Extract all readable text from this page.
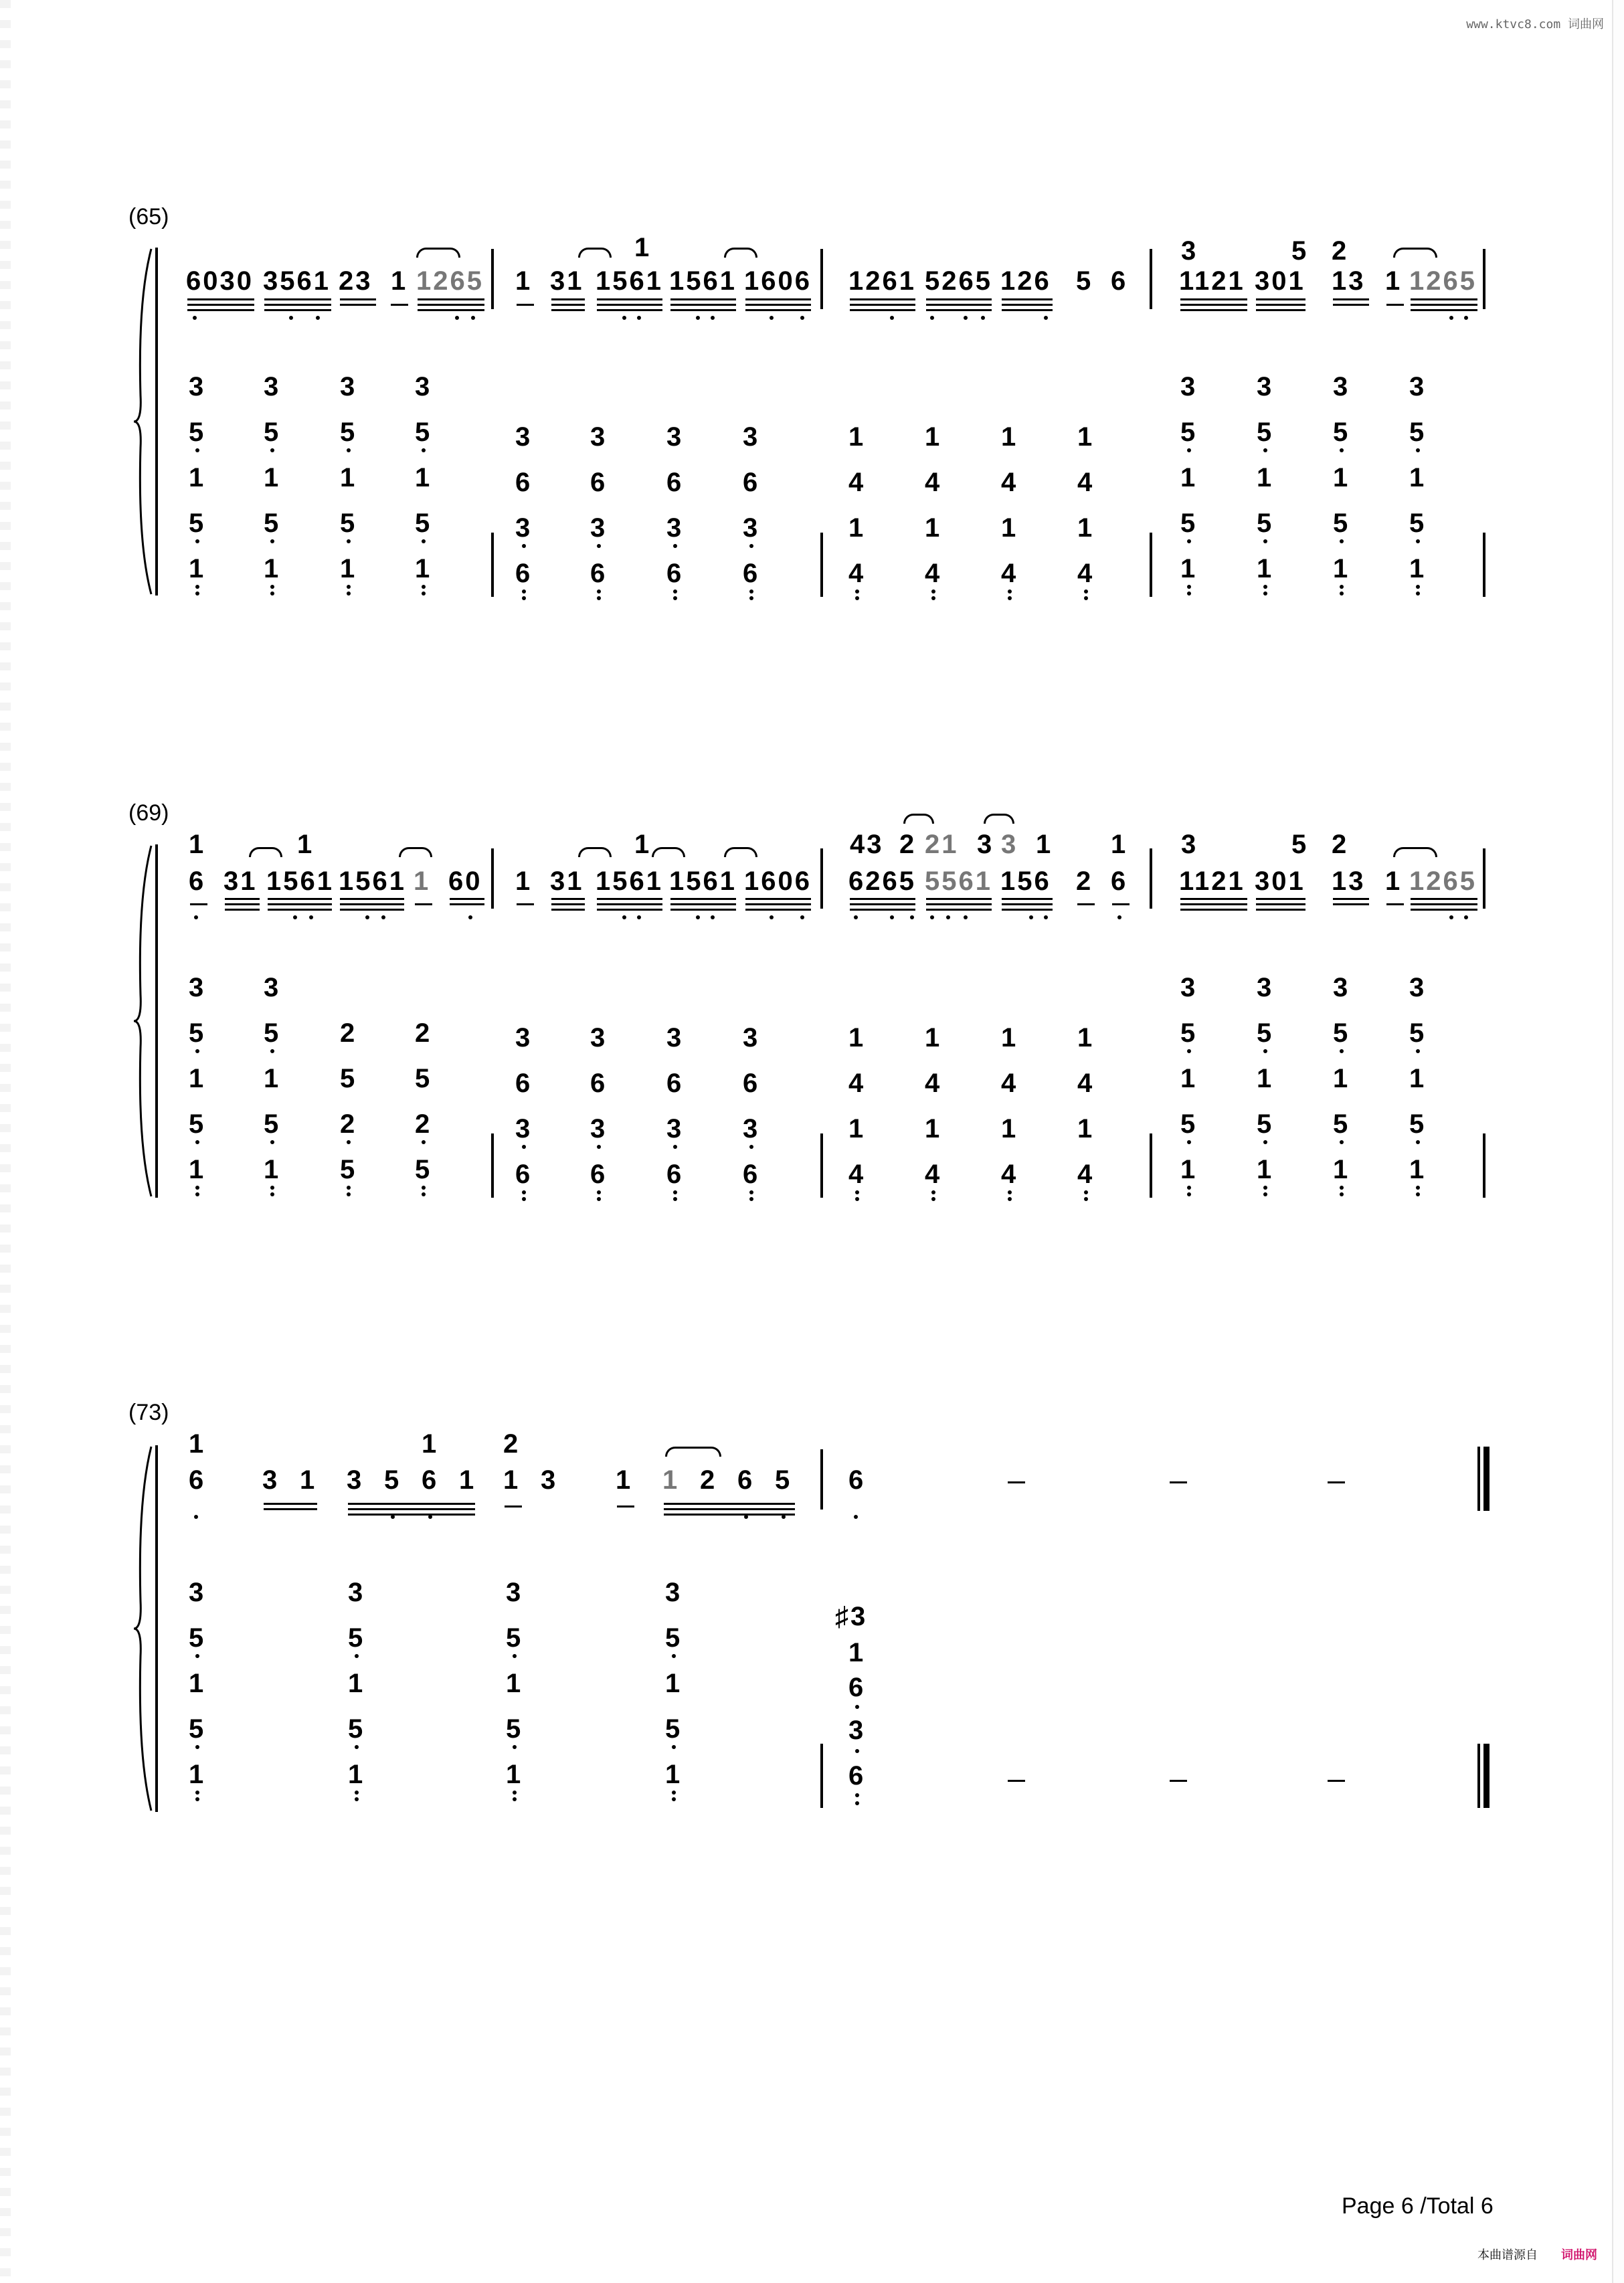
www.ktvc8.com 词曲网
(65)
1	3	5 2
6030 3561 23 1 1265 1 31 1561 1561 1606 1261 5265 126 5 6 1121 301 13 1 1265
3
5
1
5
1
3
5
1
5
1
3
5
1
5
1
3
5
1
5
1
3
6
3
6
3
6
3
6
3
6
3
6
3
6
3
6
1
4
1
4
1
4
1
4
1
4
1
4
1
4
1
4
3
5
1
5
1
3
5
1
5
1
3
5
1
5
1
3
5
1
5
1
(69)
1	1	1	43 2 21 3 3 1 1 3	5 2
6 31 1561 1561 1 60 1 31 1561 1561 1606 6265 5561 156 2 6 1121 301 13 1 1265
3
5
1
5
1
3
5
1
5
1
2
5
2
5
2
5
2
5
3
6
3
6
3
6
3
6
3
6
3
6
3
6
3
6
1
4
1
4
1
4
1
4
1
4
1
4
1
4
1
4
3
5
1
5
1
3
5
1
5
1
3
5
1
5
1
3
5
1
5
1
(73)
1	1 2
6 3 1 3 5 6 1 1 3 1 1 2 6 5 6
3
5
1
5
1
3
5
1
5
1
3
5
1
5
1
3
5
1
5
1
♯3
1
6
3
6
Page 6 /Total 6
本曲谱源自 词曲网
